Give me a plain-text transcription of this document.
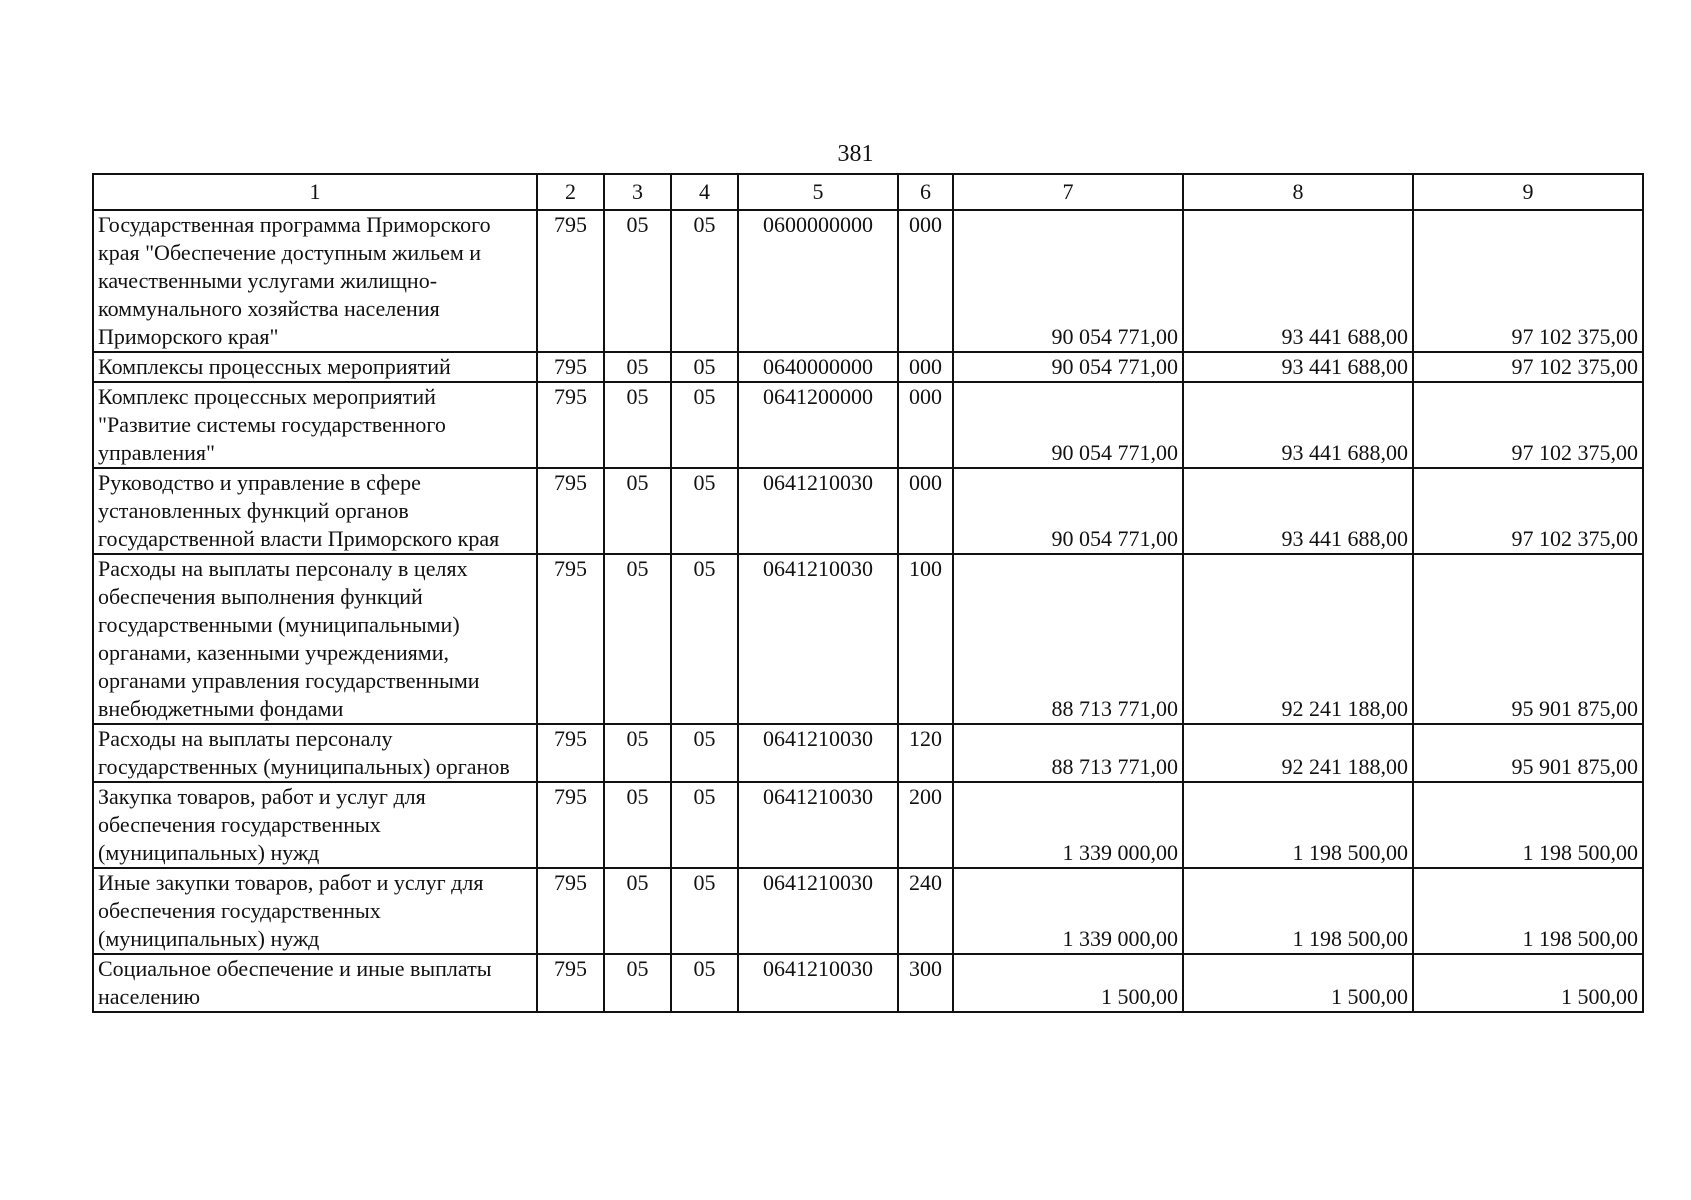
381
1	2	3	4	5	6	7	8	9
Государственная программа Приморского края "Обеспечение доступным жильем и качественными услугами жилищно-коммунального хозяйства населения Приморского края"	795	05	05	0600000000	000	90 054 771,00	93 441 688,00	97 102 375,00
Комплексы процессных мероприятий	795	05	05	0640000000	000	90 054 771,00	93 441 688,00	97 102 375,00
Комплекс процессных мероприятий "Развитие системы государственного управления"	795	05	05	0641200000	000	90 054 771,00	93 441 688,00	97 102 375,00
Руководство и управление в сфере установленных функций органов государственной власти Приморского края	795	05	05	0641210030	000	90 054 771,00	93 441 688,00	97 102 375,00
Расходы на выплаты персоналу в целях обеспечения выполнения функций государственными (муниципальными) органами, казенными учреждениями, органами управления государственными внебюджетными фондами	795	05	05	0641210030	100	88 713 771,00	92 241 188,00	95 901 875,00
Расходы на выплаты персоналу государственных (муниципальных) органов	795	05	05	0641210030	120	88 713 771,00	92 241 188,00	95 901 875,00
Закупка товаров, работ и услуг для обеспечения государственных (муниципальных) нужд	795	05	05	0641210030	200	1 339 000,00	1 198 500,00	1 198 500,00
Иные закупки товаров, работ и услуг для обеспечения государственных (муниципальных) нужд	795	05	05	0641210030	240	1 339 000,00	1 198 500,00	1 198 500,00
Социальное обеспечение и иные выплаты населению	795	05	05	0641210030	300	1 500,00	1 500,00	1 500,00
